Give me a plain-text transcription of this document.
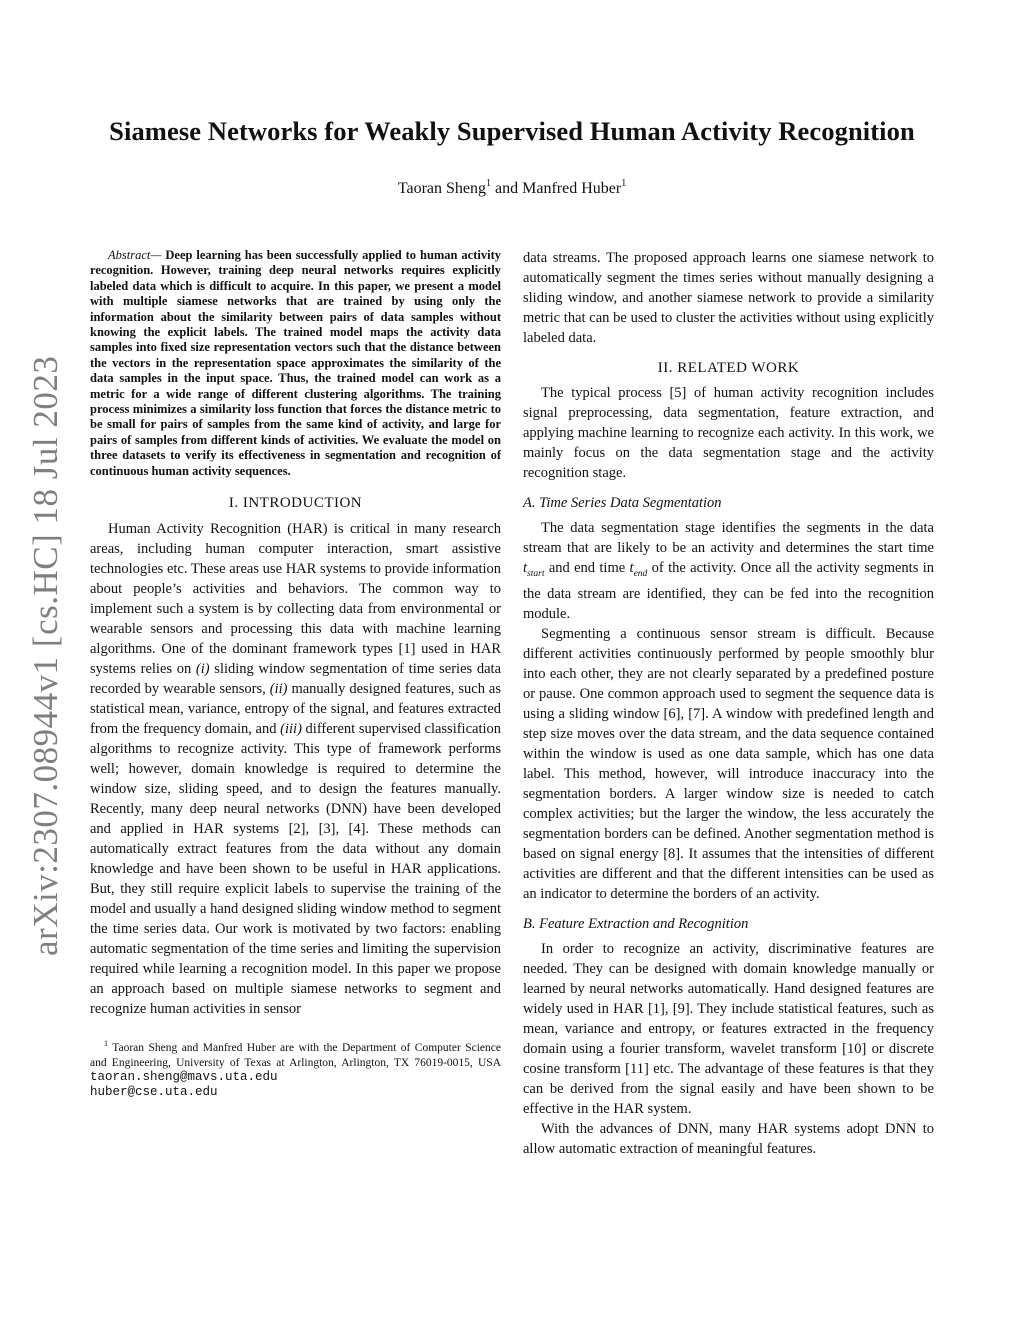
arXiv:2307.08944v1 [cs.HC] 18 Jul 2023
Siamese Networks for Weakly Supervised Human Activity Recognition
Taoran Sheng$^1$ and Manfred Huber$^1$

Abstract— Deep learning has been successfully applied to human activity recognition. However, training deep neural networks requires explicitly labeled data which is difficult to acquire. In this paper, we present a model with multiple siamese networks that are trained by using only the information about the similarity between pairs of data samples without knowing the explicit labels. The trained model maps the activity data samples into fixed size representation vectors such that the distance between the vectors in the representation space approximates the similarity of the data samples in the input space. Thus, the trained model can work as a metric for a wide range of different clustering algorithms. The training process minimizes a similarity loss function that forces the distance metric to be small for pairs of samples from the same kind of activity, and large for pairs of samples from different kinds of activities. We evaluate the model on three datasets to verify its effectiveness in segmentation and recognition of continuous human activity sequences.

I. INTRODUCTION

Human Activity Recognition (HAR) is critical in many research areas, including human computer interaction, smart assistive technologies etc. These areas use HAR systems to provide information about people’s activities and behaviors. The common way to implement such a system is by collecting data from environmental or wearable sensors and processing this data with machine learning algorithms. One of the dominant framework types [1] used in HAR systems relies on (i) sliding window segmentation of time series data recorded by wearable sensors, (ii) manually designed features, such as statistical mean, variance, entropy of the signal, and features extracted from the frequency domain, and (iii) different supervised classification algorithms to recognize activity. This type of framework performs well; however, domain knowledge is required to determine the window size, sliding speed, and to design the features manually. Recently, many deep neural networks (DNN) have been developed and applied in HAR systems [2], [3], [4]. These methods can automatically extract features from the data without any domain knowledge and have been shown to be useful in HAR applications. But, they still require explicit labels to supervise the training of the model and usually a hand designed sliding window method to segment the time series data. Our work is motivated by two factors: enabling automatic segmentation of the time series and limiting the supervision required while learning a recognition model. In this paper we propose an approach based on multiple siamese networks to segment and recognize human activities in sensor

$^1$ Taoran Sheng and Manfred Huber are with the Department of Computer Science and Engineering, University of Texas at Arlington, Arlington, TX 76019-0015, USA taoran.sheng@mavs.uta.edu
huber@cse.uta.edu

data streams. The proposed approach learns one siamese network to automatically segment the times series without manually designing a sliding window, and another siamese network to provide a similarity metric that can be used to cluster the activities without using explicitly labeled data.

II. RELATED WORK

The typical process [5] of human activity recognition includes signal preprocessing, data segmentation, feature extraction, and applying machine learning to recognize each activity. In this work, we mainly focus on the data segmentation stage and the activity recognition stage.

A. Time Series Data Segmentation

The data segmentation stage identifies the segments in the data stream that are likely to be an activity and determines the start time $t_{start}$ and end time $t_{end}$ of the activity. Once all the activity segments in the data stream are identified, they can be fed into the recognition module.

Segmenting a continuous sensor stream is difficult. Because different activities continuously performed by people smoothly blur into each other, they are not clearly separated by a predefined posture or pause. One common approach used to segment the sequence data is using a sliding window [6], [7]. A window with predefined length and step size moves over the data stream, and the data sequence contained within the window is used as one data sample, which has one data label. This method, however, will introduce inaccuracy into the segmentation borders. A larger window size is needed to catch complex activities; but the larger the window, the less accurately the segmentation borders can be defined. Another segmentation method is based on signal energy [8]. It assumes that the intensities of different activities are different and that the different intensities can be used as an indicator to determine the borders of an activity.

B. Feature Extraction and Recognition

In order to recognize an activity, discriminative features are needed. They can be designed with domain knowledge manually or learned by neural networks automatically. Hand designed features are widely used in HAR [1], [9]. They include statistical features, such as mean, variance and entropy, or features extracted in the frequency domain using a fourier transform, wavelet transform [10] or discrete cosine transform [11] etc. The advantage of these features is that they can be derived from the signal easily and have been shown to be effective in the HAR system.

With the advances of DNN, many HAR systems adopt DNN to allow automatic extraction of meaningful features.
